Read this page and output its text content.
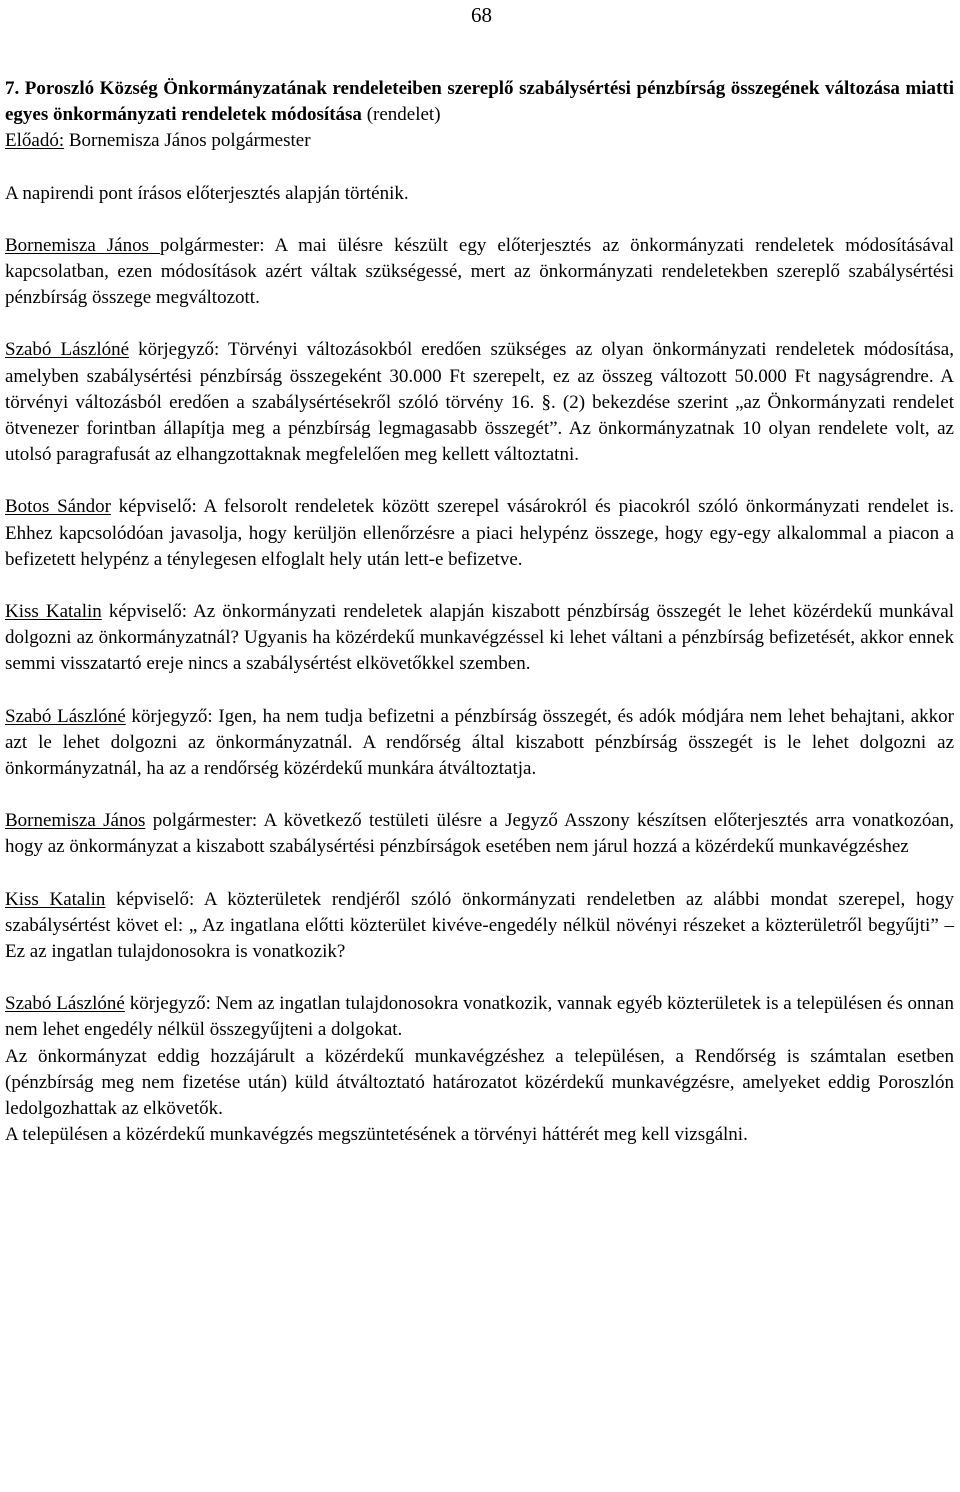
68

7. Poroszló Község Önkormányzatának rendeleteiben szereplő szabálysértési pénzbírság összegének változása miatti egyes önkormányzati rendeletek módosítása (rendelet)

Előadó: Bornemisza János polgármester

A napirendi pont írásos előterjesztés alapján történik.

Bornemisza János polgármester: A mai ülésre készült egy előterjesztés az önkormányzati rendeletek módosításával kapcsolatban, ezen módosítások azért váltak szükségessé, mert az önkormányzati rendeletekben szereplő szabálysértési pénzbírság összege megváltozott.

Szabó Lászlóné körjegyző: Törvényi változásokból eredően szükséges az olyan önkormányzati rendeletek módosítása, amelyben szabálysértési pénzbírság összegeként 30.000 Ft szerepelt, ez az összeg változott 50.000 Ft nagyságrendre. A törvényi változásból eredően a szabálysértésekről szóló törvény 16. §. (2) bekezdése szerint „az Önkormányzati rendelet ötvenezer forintban állapítja meg a pénzbírság legmagasabb összegét”. Az önkormányzatnak 10 olyan rendelete volt, az utolsó paragrafusát az elhangzottaknak megfelelően meg kellett változtatni.

Botos Sándor képviselő: A felsorolt rendeletek között szerepel vásárokról és piacokról szóló önkormányzati rendelet is. Ehhez kapcsolódóan javasolja, hogy kerüljön ellenőrzésre a piaci helypénz összege, hogy egy-egy alkalommal a piacon a befizetett helypénz a ténylegesen elfoglalt hely után lett-e befizetve.

Kiss Katalin képviselő: Az önkormányzati rendeletek alapján kiszabott pénzbírság összegét le lehet közérdekű munkával dolgozni az önkormányzatnál? Ugyanis ha közérdekű munkavégzéssel ki lehet váltani a pénzbírság befizetését, akkor ennek semmi visszatartó ereje nincs a szabálysértést elkövetőkkel szemben.

Szabó Lászlóné körjegyző: Igen, ha nem tudja befizetni a pénzbírság összegét, és adók módjára nem lehet behajtani, akkor azt le lehet dolgozni az önkormányzatnál. A rendőrség által kiszabott pénzbírság összegét is le lehet dolgozni az önkormányzatnál, ha az a rendőrség közérdekű munkára átváltoztatja.

Bornemisza János polgármester: A következő testületi ülésre a Jegyző Asszony készítsen előterjesztés arra vonatkozóan, hogy az önkormányzat a kiszabott szabálysértési pénzbírságok esetében nem járul hozzá a közérdekű munkavégzéshez

Kiss Katalin képviselő: A közterületek rendjéről szóló önkormányzati rendeletben az alábbi mondat szerepel, hogy szabálysértést követ el: „ Az ingatlana előtti közterület kivéve-engedély nélkül növényi részeket a közterületről begyűjti” – Ez az ingatlan tulajdonosokra is vonatkozik?

Szabó Lászlóné körjegyző: Nem az ingatlan tulajdonosokra vonatkozik, vannak egyéb közterületek is a településen és onnan nem lehet engedély nélkül összegyűjteni a dolgokat.

Az önkormányzat eddig hozzájárult a közérdekű munkavégzéshez a településen, a Rendőrség is számtalan esetben (pénzbírság meg nem fizetése után) küld átváltoztató határozatot közérdekű munkavégzésre, amelyeket eddig Poroszlón ledolgozhattak az elkövetők.

A településen a közérdekű munkavégzés megszüntetésének a törvényi háttérét meg kell vizsgálni.
